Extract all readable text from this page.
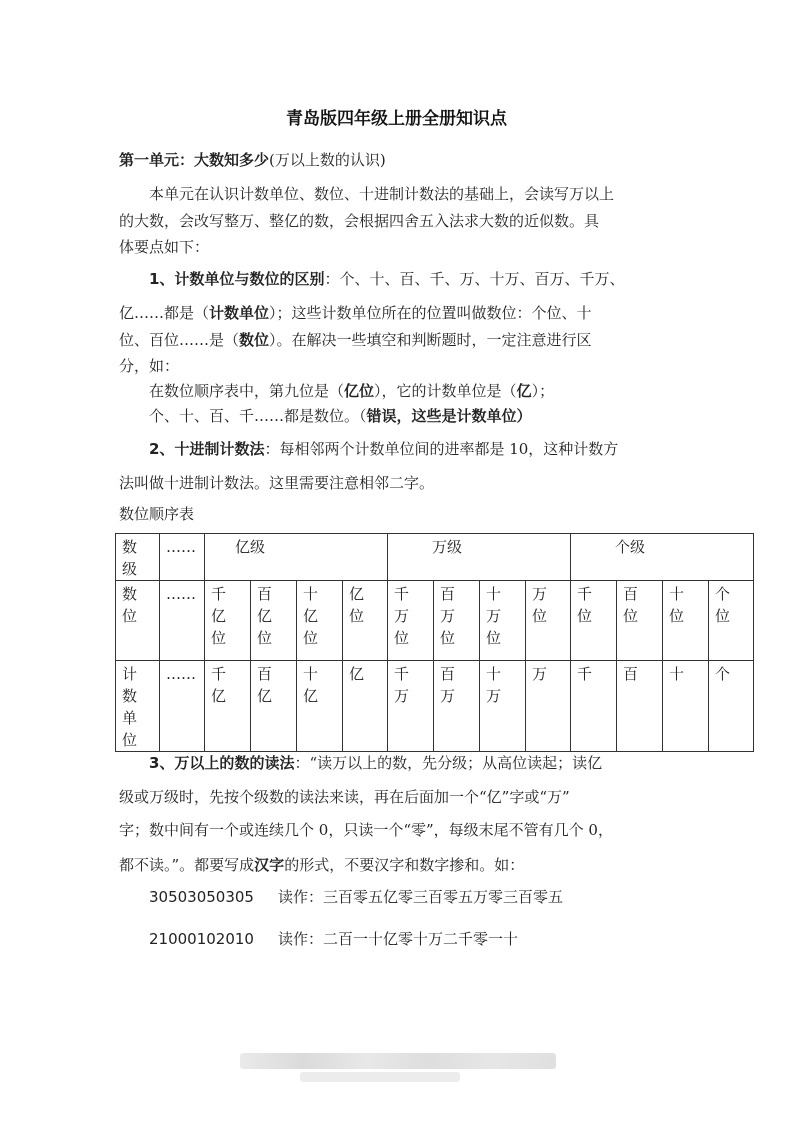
青岛版四年级上册全册知识点
第一单元：大数知多少(万以上数的认识)
本单元在认识计数单位、数位、十进制计数法的基础上，会读写万以上
的大数，会改写整万、整亿的数，会根据四舍五入法求大数的近似数。具
体要点如下：
1、计数单位与数位的区别：个、十、百、千、万、十万、百万、千万、
亿……都是（计数单位）；这些计数单位所在的位置叫做数位：个位、十
位、百位……是（数位）。在解决一些填空和判断题时，一定注意进行区
分，如：
在数位顺序表中，第九位是（亿位），它的计数单位是（亿）；
个、十、百、千……都是数位。（错误，这些是计数单位）
2、十进制计数法：每相邻两个计数单位间的进率都是 10，这种计数方
法叫做十进制计数法。这里需要注意相邻二字。
数位顺序表
数级	……	亿级				万级				个级			
数位	……	千亿位	百亿位	十亿位	亿位	千万位	百万位	十万位	万位	千位	百位	十位	个位
计数单位	……	千亿	百亿	十亿	亿	千万	百万	十万	万	千	百	十	个
3、万以上的数的读法：“读万以上的数，先分级；从高位读起；读亿
级或万级时，先按个级数的读法来读，再在后面加一个“亿”字或“万”
字；数中间有一个或连续几个 0，只读一个“零”，每级末尾不管有几个 0，
都不读。”。都要写成汉字的形式，不要汉字和数字掺和。如：
30503050305 读作：三百零五亿零三百零五万零三百零五
21000102010 读作：二百一十亿零十万二千零一十
